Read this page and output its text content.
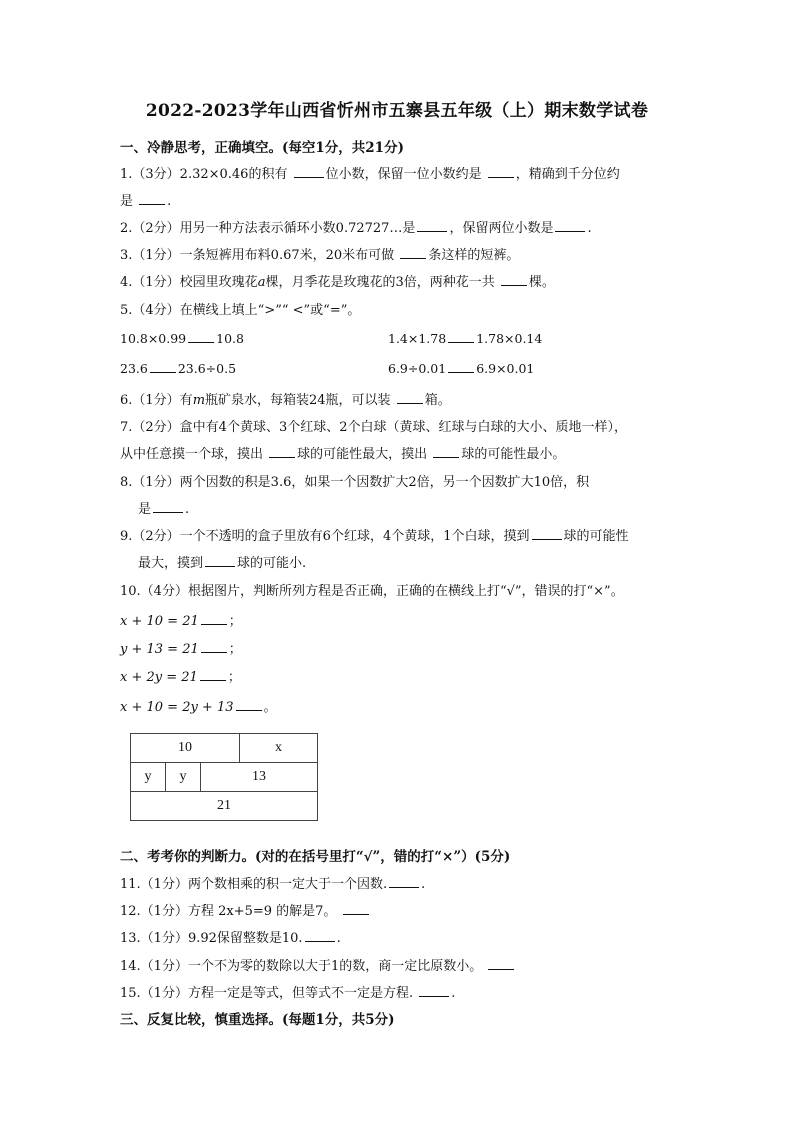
2022-2023学年山西省忻州市五寨县五年级（上）期末数学试卷
一、冷静思考，正确填空。(每空1分，共21分)
1.（3分）2.32×0.46的积有	位小数，保留一位小数约是	，精确到千分位约
是	.
2.（2分）用另一种方法表示循环小数0.72727…是	，保留两位小数是	.
3.（1分）一条短裤用布料0.67米，20米布可做	条这样的短裤。
4.（1分）校园里玫瑰花a棵，月季花是玫瑰花的3倍，两种花一共	棵。
5.（4分）在横线上填上“>”“ <”或“=”。
10.8×0.99 10.8	1.4×1.78 1.78×0.14
23.6 23.6÷0.5	6.9÷0.01 6.9×0.01
6.（1分）有m瓶矿泉水，每箱装24瓶，可以装	箱。
7.（2分）盒中有4个黄球、3个红球、2个白球（黄球、红球与白球的大小、质地一样），
从中任意摸一个球，摸出	球的可能性最大，摸出	球的可能性最小。
8.（1分）两个因数的积是3.6，如果一个因数扩大2倍，另一个因数扩大10倍，积
是	.
9.（2分）一个不透明的盒子里放有6个红球，4个黄球，1个白球，摸到	球的可能性
最大，摸到	球的可能小.
10.（4分）根据图片，判断所列方程是否正确，正确的在横线上打“√”，错误的打“×”。
x + 10 = 21 ；
y + 13 = 21 ；
x + 2y = 21 ；
x + 10 = 2y + 13 。
10			x
y	y	13	
21			
二、考考你的判断力。(对的在括号里打“√”，错的打“×”）(5分)
11.（1分）两个数相乘的积一定大于一个因数.	.
12.（1分）方程 2x+5=9 的解是7。
13.（1分）9.92保留整数是10.	.
14.（1分）一个不为零的数除以大于1的数，商一定比原数小。
15.（1分）方程一定是等式，但等式不一定是方程.	.
三、反复比较，慎重选择。(每题1分，共5分)
